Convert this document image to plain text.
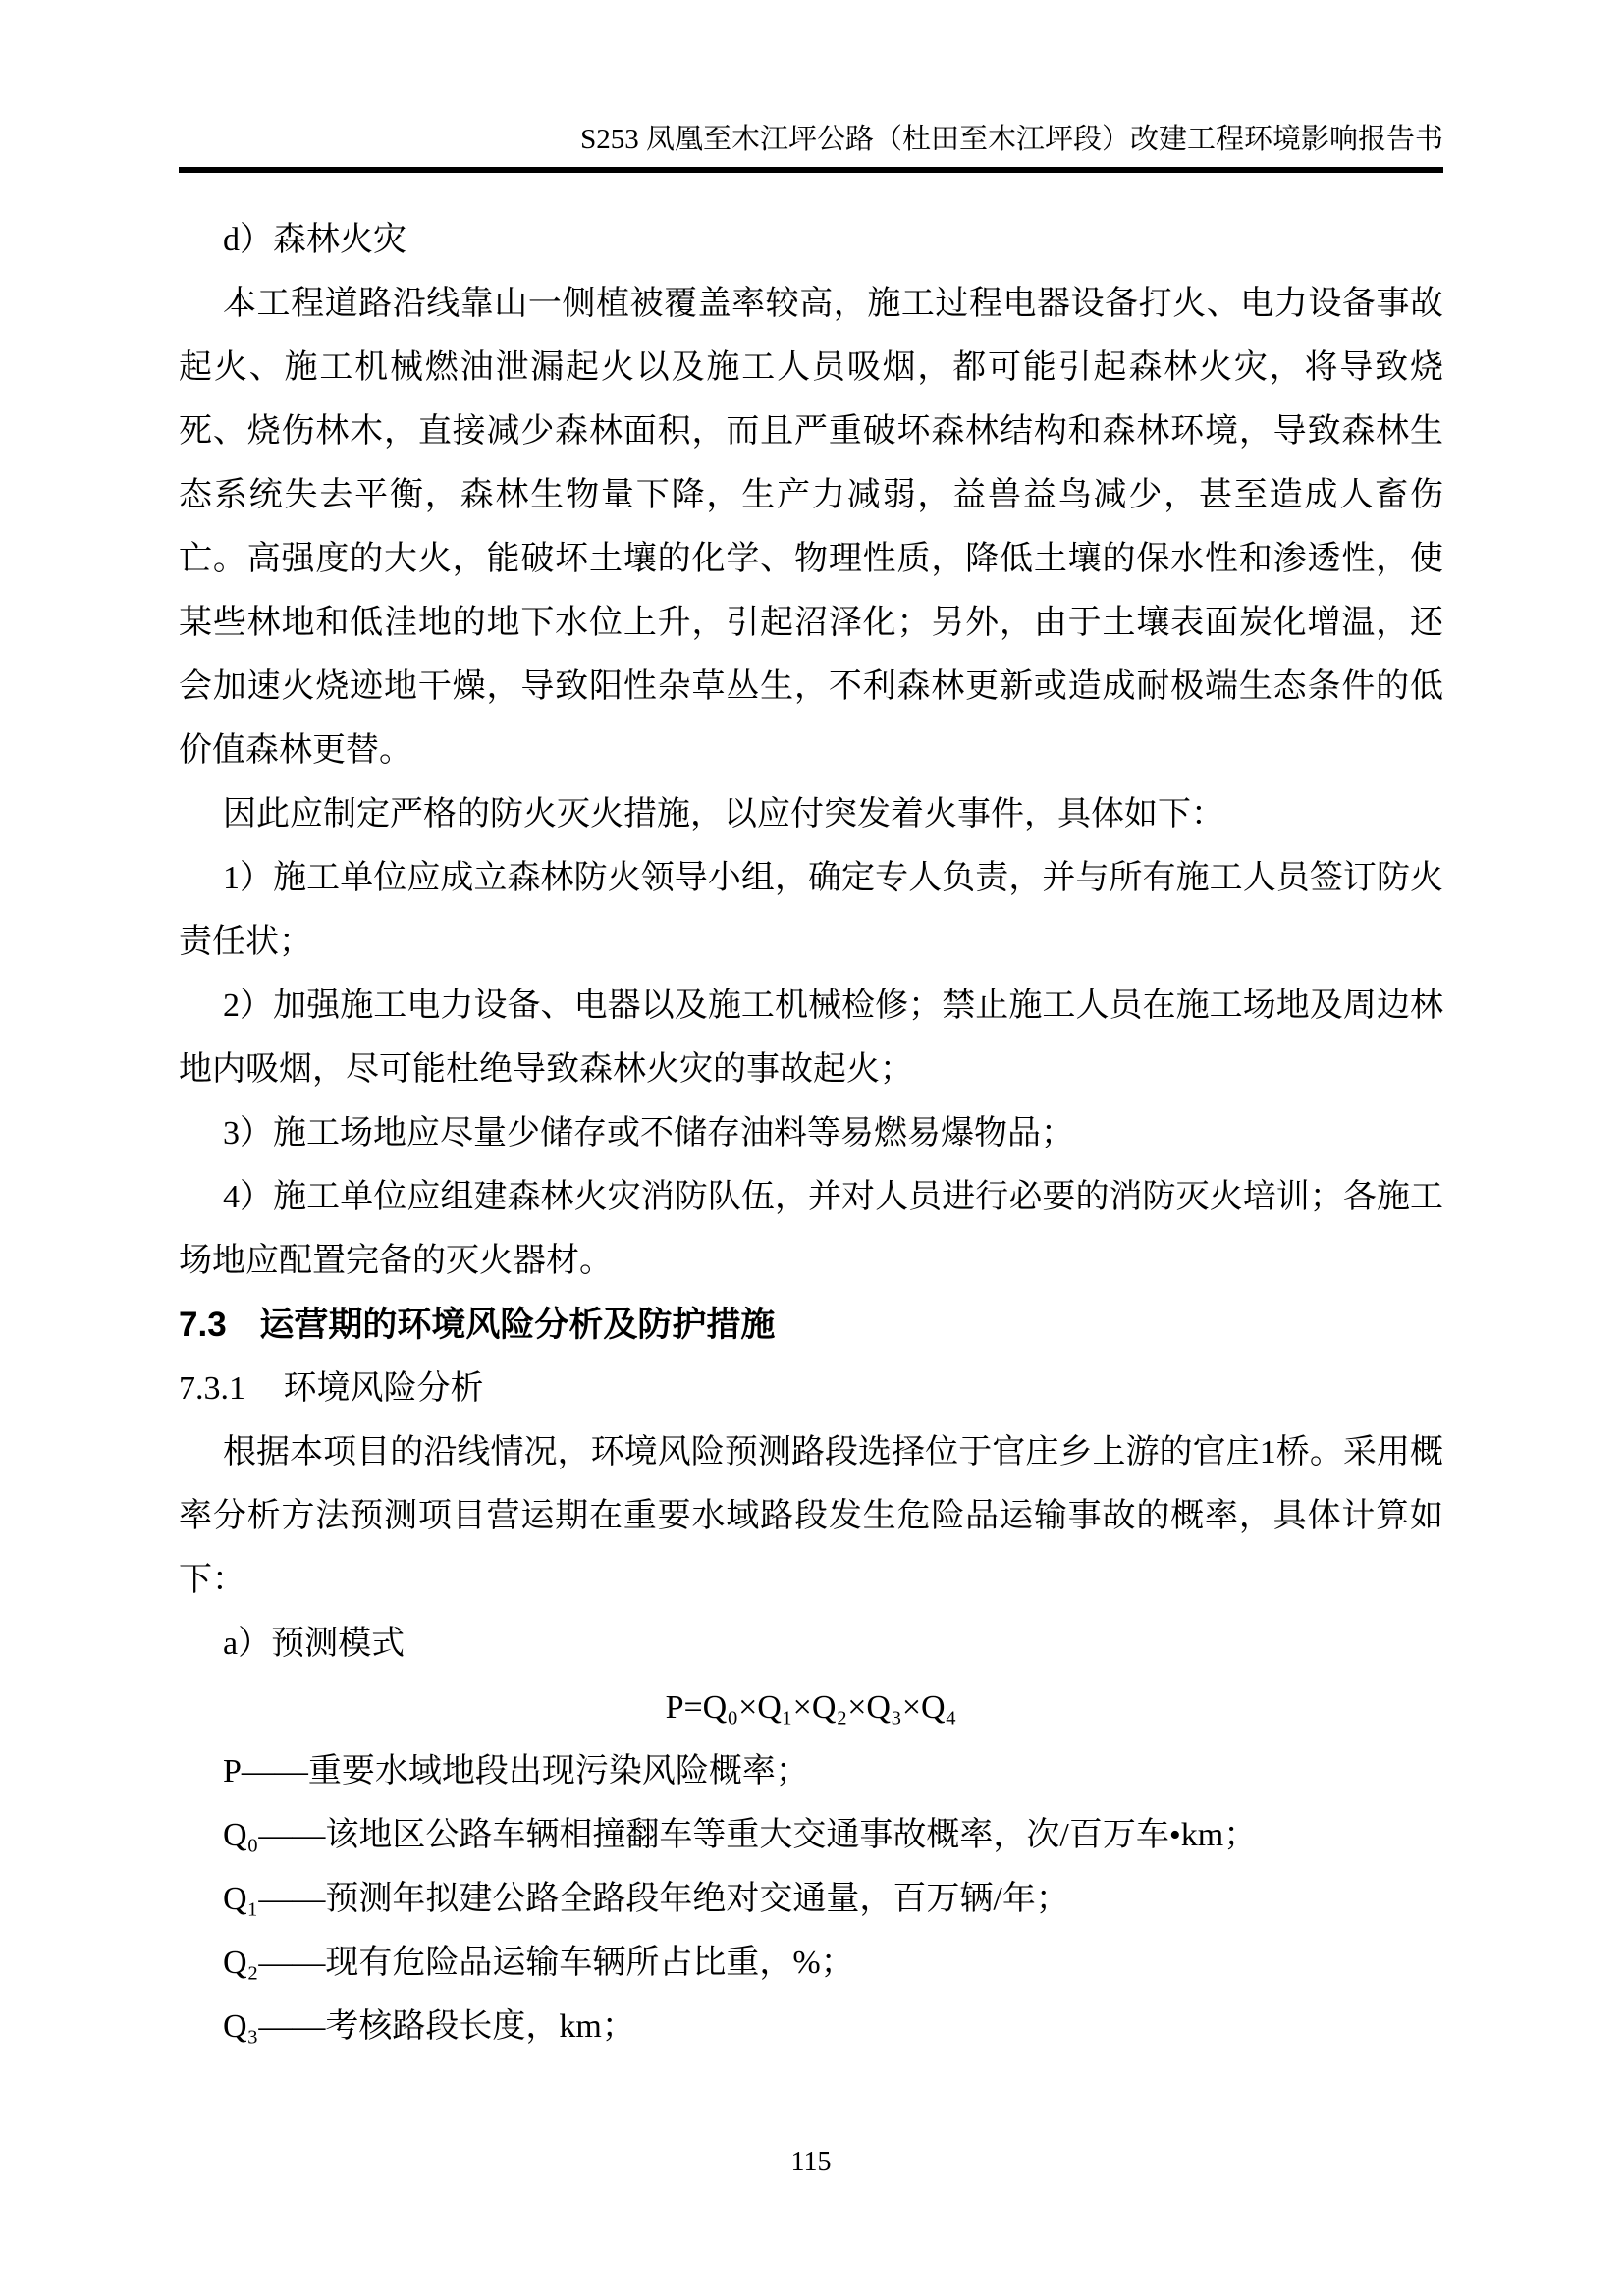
S253 凤凰至木江坪公路（杜田至木江坪段）改建工程环境影响报告书

d）森林火灾

本工程道路沿线靠山一侧植被覆盖率较高，施工过程电器设备打火、电力设备事故起火、施工机械燃油泄漏起火以及施工人员吸烟，都可能引起森林火灾，将导致烧死、烧伤林木，直接减少森林面积，而且严重破坏森林结构和森林环境，导致森林生态系统失去平衡，森林生物量下降，生产力减弱，益兽益鸟减少，甚至造成人畜伤亡。高强度的大火，能破坏土壤的化学、物理性质，降低土壤的保水性和渗透性，使某些林地和低洼地的地下水位上升，引起沼泽化；另外，由于土壤表面炭化增温，还会加速火烧迹地干燥，导致阳性杂草丛生，不利森林更新或造成耐极端生态条件的低价值森林更替。

因此应制定严格的防火灭火措施，以应付突发着火事件，具体如下：

1）施工单位应成立森林防火领导小组，确定专人负责，并与所有施工人员签订防火责任状；

2）加强施工电力设备、电器以及施工机械检修；禁止施工人员在施工场地及周边林地内吸烟，尽可能杜绝导致森林火灾的事故起火；

3）施工场地应尽量少储存或不储存油料等易燃易爆物品；

4）施工单位应组建森林火灾消防队伍，并对人员进行必要的消防灭火培训；各施工场地应配置完备的灭火器材。

7.3 运营期的环境风险分析及防护措施
7.3.1 环境风险分析

根据本项目的沿线情况，环境风险预测路段选择位于官庄乡上游的官庄1桥。采用概率分析方法预测项目营运期在重要水域路段发生危险品运输事故的概率，具体计算如下：

a）预测模式

P=Q₀×Q₁×Q₂×Q₃×Q₄

P——重要水域地段出现污染风险概率；

Q₀——该地区公路车辆相撞翻车等重大交通事故概率，次/百万车•km；

Q₁——预测年拟建公路全路段年绝对交通量，百万辆/年；

Q₂——现有危险品运输车辆所占比重，%；

Q₃——考核路段长度，km；

115
